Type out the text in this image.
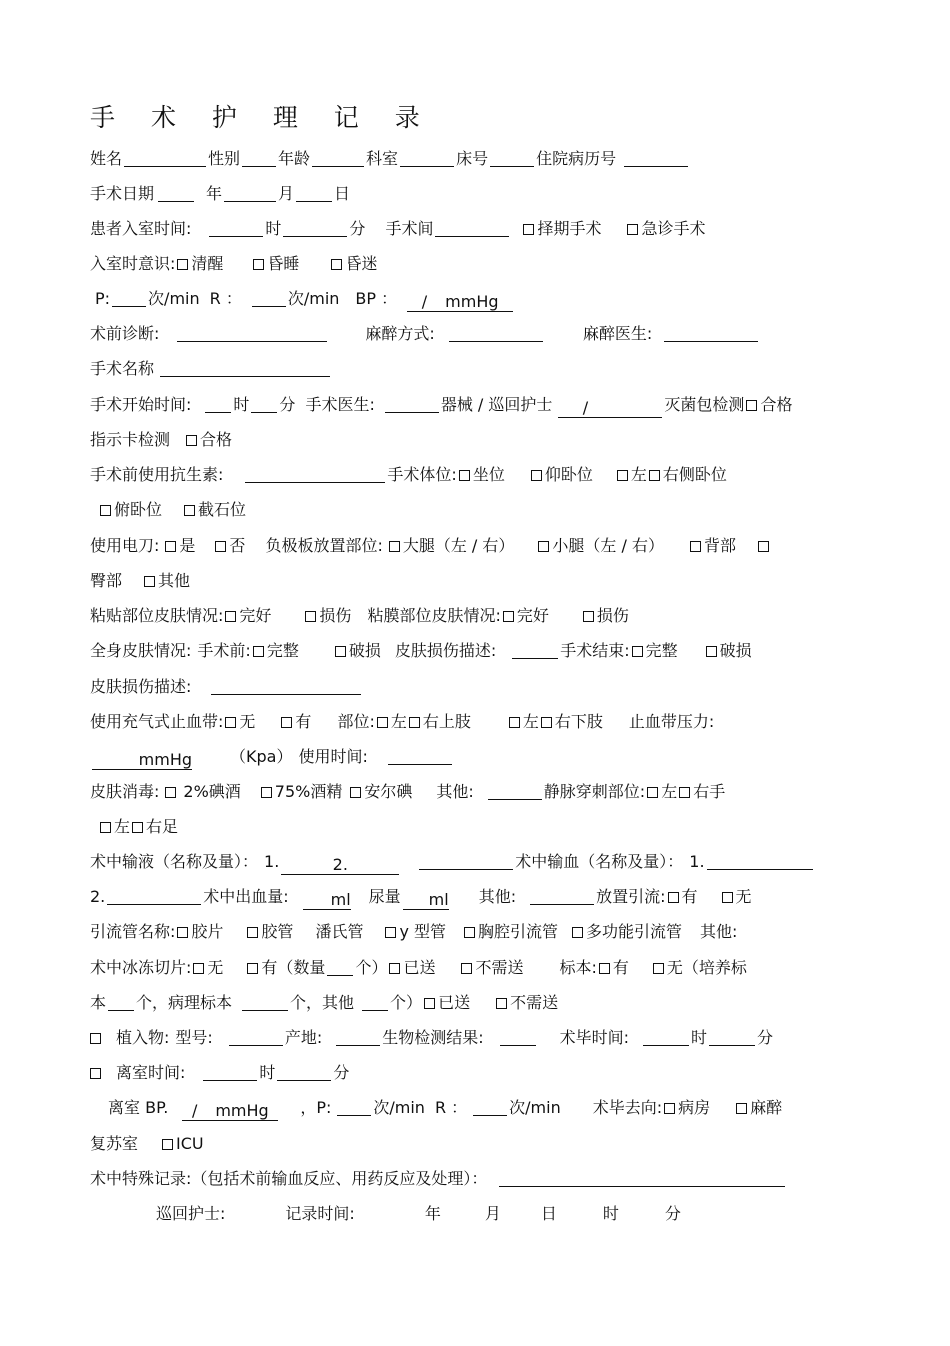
手 术 护 理 记 录
姓名	性别 年龄	科室	床号	住院病历号
手术日期	年	月	日
患者入室时间:	时	分 手术间	择期手术	急诊手术
入室时意识: 清醒	昏睡	昏迷
P: 次/min R ：	次/min BP ： / mmHg
术前诊断:	麻醉方式:	麻醉医生:
手术名称
手术开始时间:	时 分 手术医生:	器械 / 巡回护士 /	灭菌包检测 合格
指示卡检测 合格
手术前使用抗生素:	手术体位: 坐位	仰卧位 左 右侧卧位
俯卧位 截石位
使用电刀: 是 否 负极板放置部位: 大腿（左 / 右） 小腿（左 / 右）	背部
臀部 其他
粘贴部位皮肤情况: 完好	损伤 粘膜部位皮肤情况: 完好	损伤
全身皮肤情况: 手术前: 完整	破损 皮肤损伤描述:	手术结束: 完整	破损
皮肤损伤描述:
使用充气式止血带: 无	有 部位: 左 右上肢	左 右下肢 止血带压力:
mmHg （Kpa） 使用时间:
皮肤消毒: 2%碘酒 75%酒精 安尔碘 其他:	静脉穿刺部位: 左 右手
左 右足
术中输液（名称及量）： 1.	2.	术中输血（名称及量）： 1.
2.	术中出血量:	ml 尿量 ml 其他:	放置引流: 有 无
引流管名称: 胶片 胶管 潘氏管 y 型管 胸腔引流管 多功能引流管 其他:
术中冰冻切片: 无 有（数量 个） 已送	不需送 标本: 有 无（培养标
本 个，病理标本	个，其他 个） 已送	不需送
植入物: 型号:	产地:	生物检测结果:	术毕时间:	时	分
离室时间:	时	分
离室 BP. / mmHg ，P:	次/min R ：	次/min 术毕去向: 病房	麻醉
复苏室 ICU
术中特殊记录:（包括术前输血反应、用药反应及处理）：
巡回护士:	记录时间:	年	月	日	时	分
